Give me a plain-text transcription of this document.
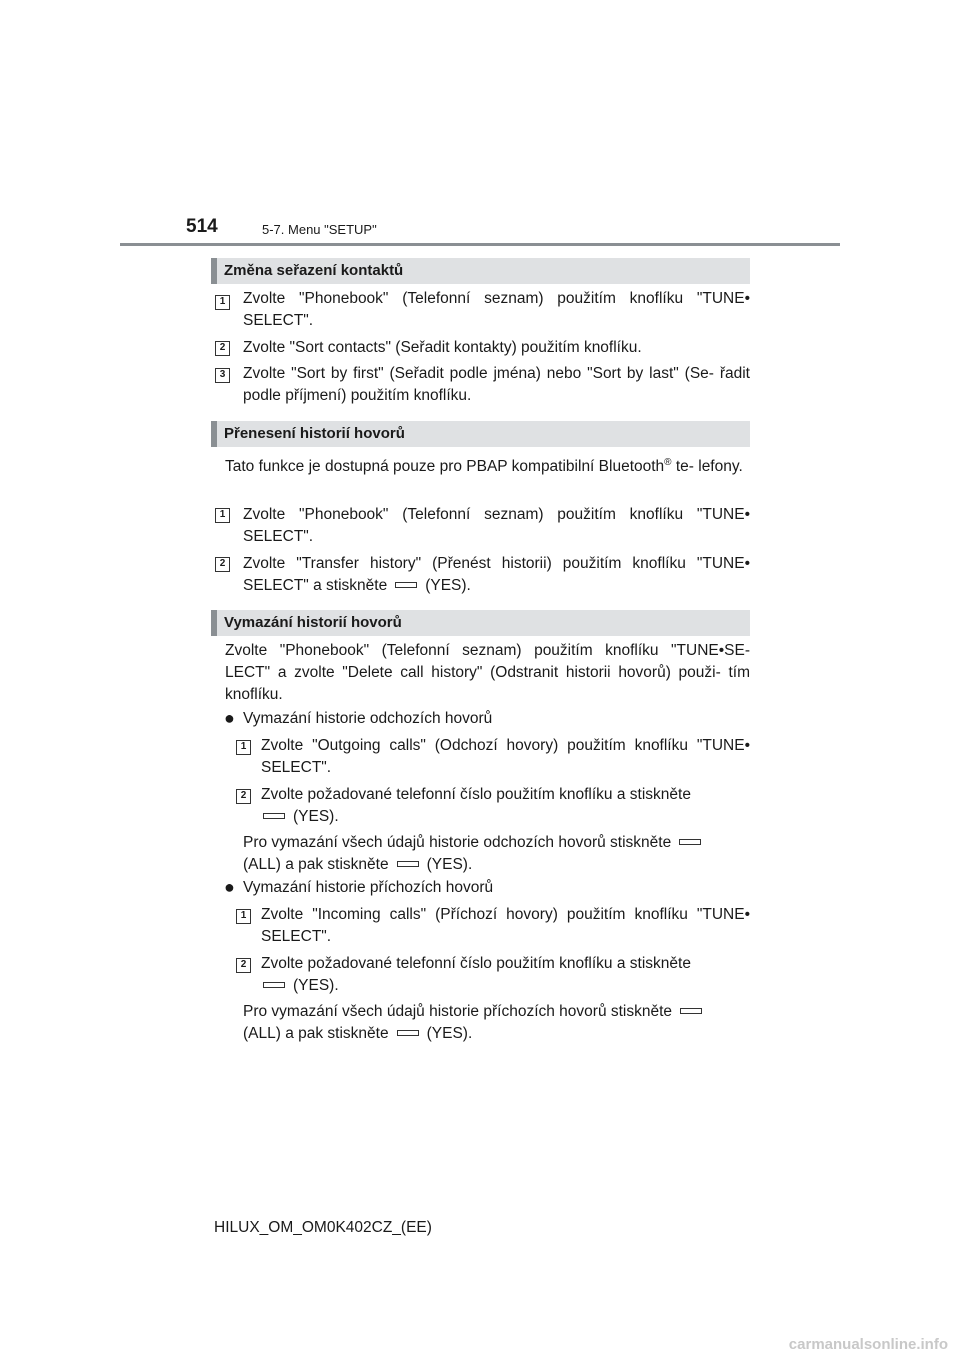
514	5-7. Menu "SETUP"
Změna seřazení kontaktů
1	Zvolte "Phonebook" (Telefonní seznam) použitím knoflíku "TUNE• SELECT".
2	Zvolte "Sort contacts" (Seřadit kontakty) použitím knoflíku.
3	Zvolte "Sort by first" (Seřadit podle jména) nebo "Sort by last" (Se- řadit podle příjmení) použitím knoflíku.
Přenesení historií hovorů
Tato funkce je dostupná pouze pro PBAP kompatibilní Bluetooth® te- lefony.
1	Zvolte "Phonebook" (Telefonní seznam) použitím knoflíku "TUNE• SELECT".
2	Zvolte "Transfer history" (Přenést historii) použitím knoflíku "TUNE• SELECT" a stiskněte (YES).
Vymazání historií hovorů
Zvolte "Phonebook" (Telefonní seznam) použitím knoflíku "TUNE•SE- LECT" a zvolte "Delete call history" (Odstranit historii hovorů) použi- tím knoflíku.
● Vymazání historie odchozích hovorů
1 Zvolte "Outgoing calls" (Odchozí hovory) použitím knoflíku "TUNE• SELECT".
2 Zvolte požadované telefonní číslo použitím knoflíku a stiskněte
(YES).
Pro vymazání všech údajů historie odchozích hovorů stiskněte
(ALL) a pak stiskněte (YES).
● Vymazání historie příchozích hovorů
1 Zvolte "Incoming calls" (Příchozí hovory) použitím knoflíku "TUNE• SELECT".
2 Zvolte požadované telefonní číslo použitím knoflíku a stiskněte
(YES).
Pro vymazání všech údajů historie příchozích hovorů stiskněte
(ALL) a pak stiskněte (YES).
HILUX_OM_OM0K402CZ_(EE)
carmanualsonline.info
